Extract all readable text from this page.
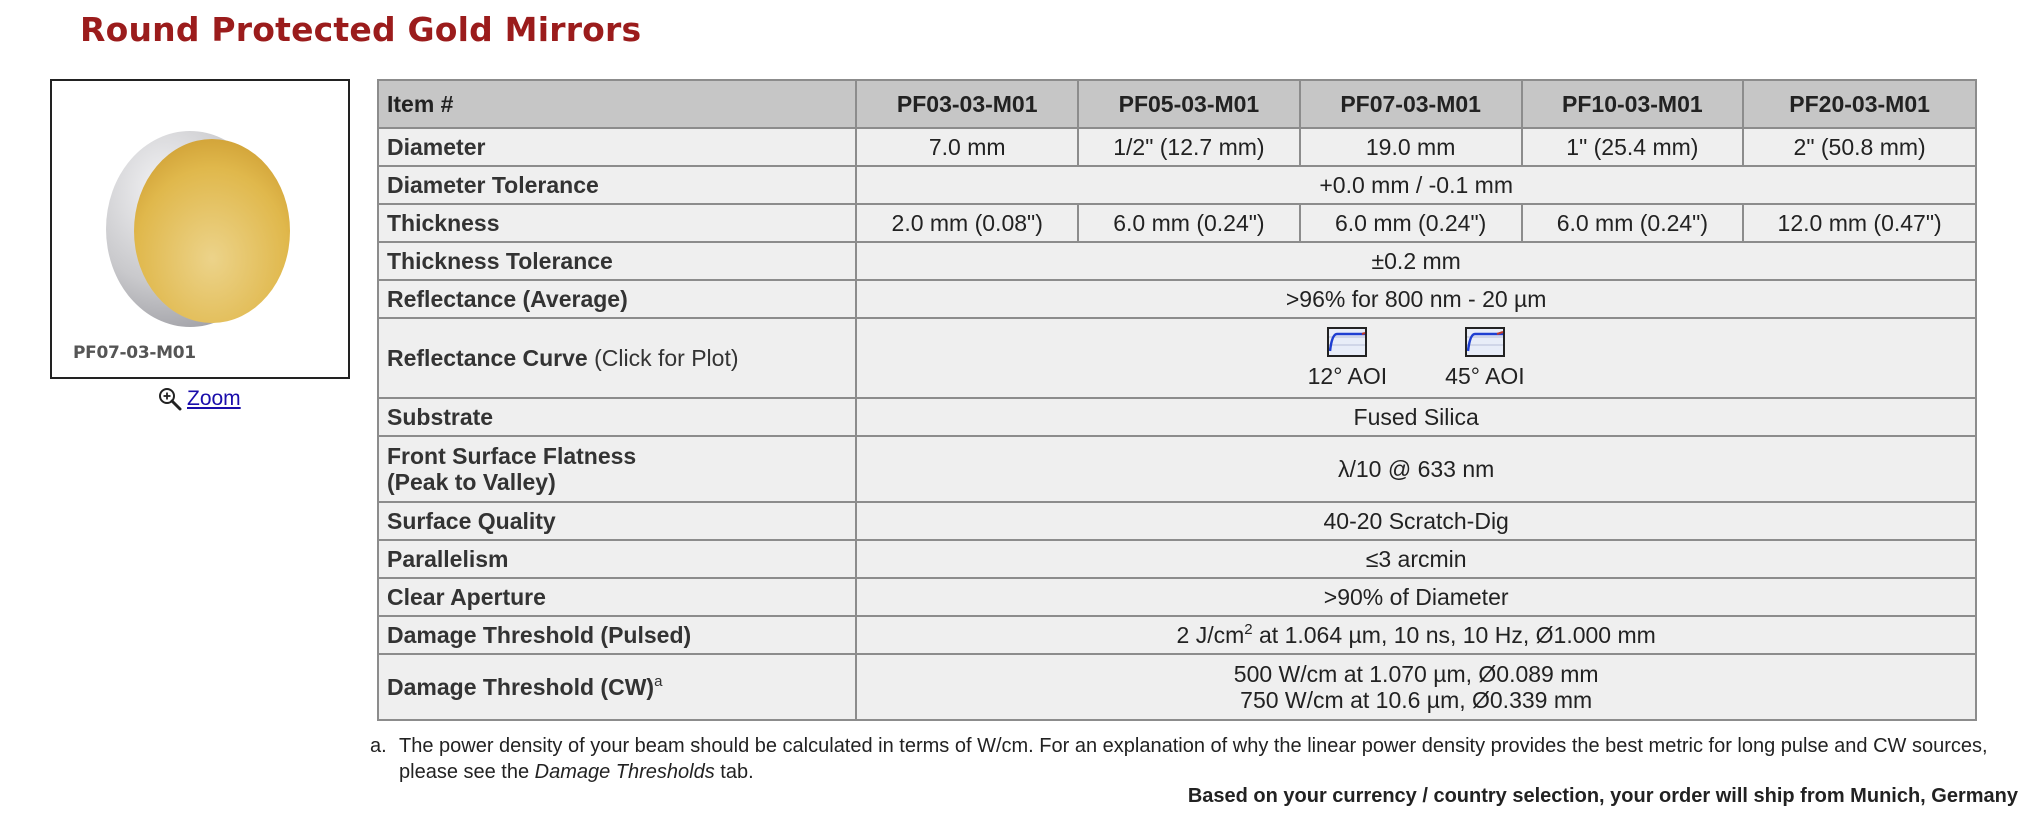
Round Protected Gold Mirrors
PF07-03-M01
Zoom
Item #	PF03-03-M01	PF05-03-M01	PF07-03-M01	PF10-03-M01	PF20-03-M01
Diameter	7.0 mm	1/2" (12.7 mm)	19.0 mm	1" (25.4 mm)	2" (50.8 mm)
Diameter Tolerance	+0.0 mm / -0.1 mm				
Thickness	2.0 mm (0.08")	6.0 mm (0.24")	6.0 mm (0.24")	6.0 mm (0.24")	12.0 mm (0.47")
Thickness Tolerance	±0.2 mm				
Reflectance (Average)	>96% for 800 nm - 20 µm				
Reflectance Curve (Click for Plot)	12° AOI 45° AOI				

Substrate	Fused Silica				

Front Surface Flatness
(Peak to Valley)	λ/10 @ 633 nm				
Surface Quality	40-20 Scratch-Dig				
Parallelism	≤3 arcmin				
Clear Aperture	>90% of Diameter				
Damage Threshold (Pulsed)	2 $J/cm^2$ at 1.064 µm, 10 ns, 10 Hz, Ø1.000 mm				
Damage Threshold (CW)$^a$	500 W/cm at 1.070 µm, Ø0.089 mm
750 W/cm at 10.6 µm, Ø0.339 mm				
a. The power density of your beam should be calculated in terms of W/cm. For an explanation of why the linear power density provides the best metric for long pulse and CW sources, please see the Damage Thresholds tab.
Based on your currency / country selection, your order will ship from Munich, Germany
